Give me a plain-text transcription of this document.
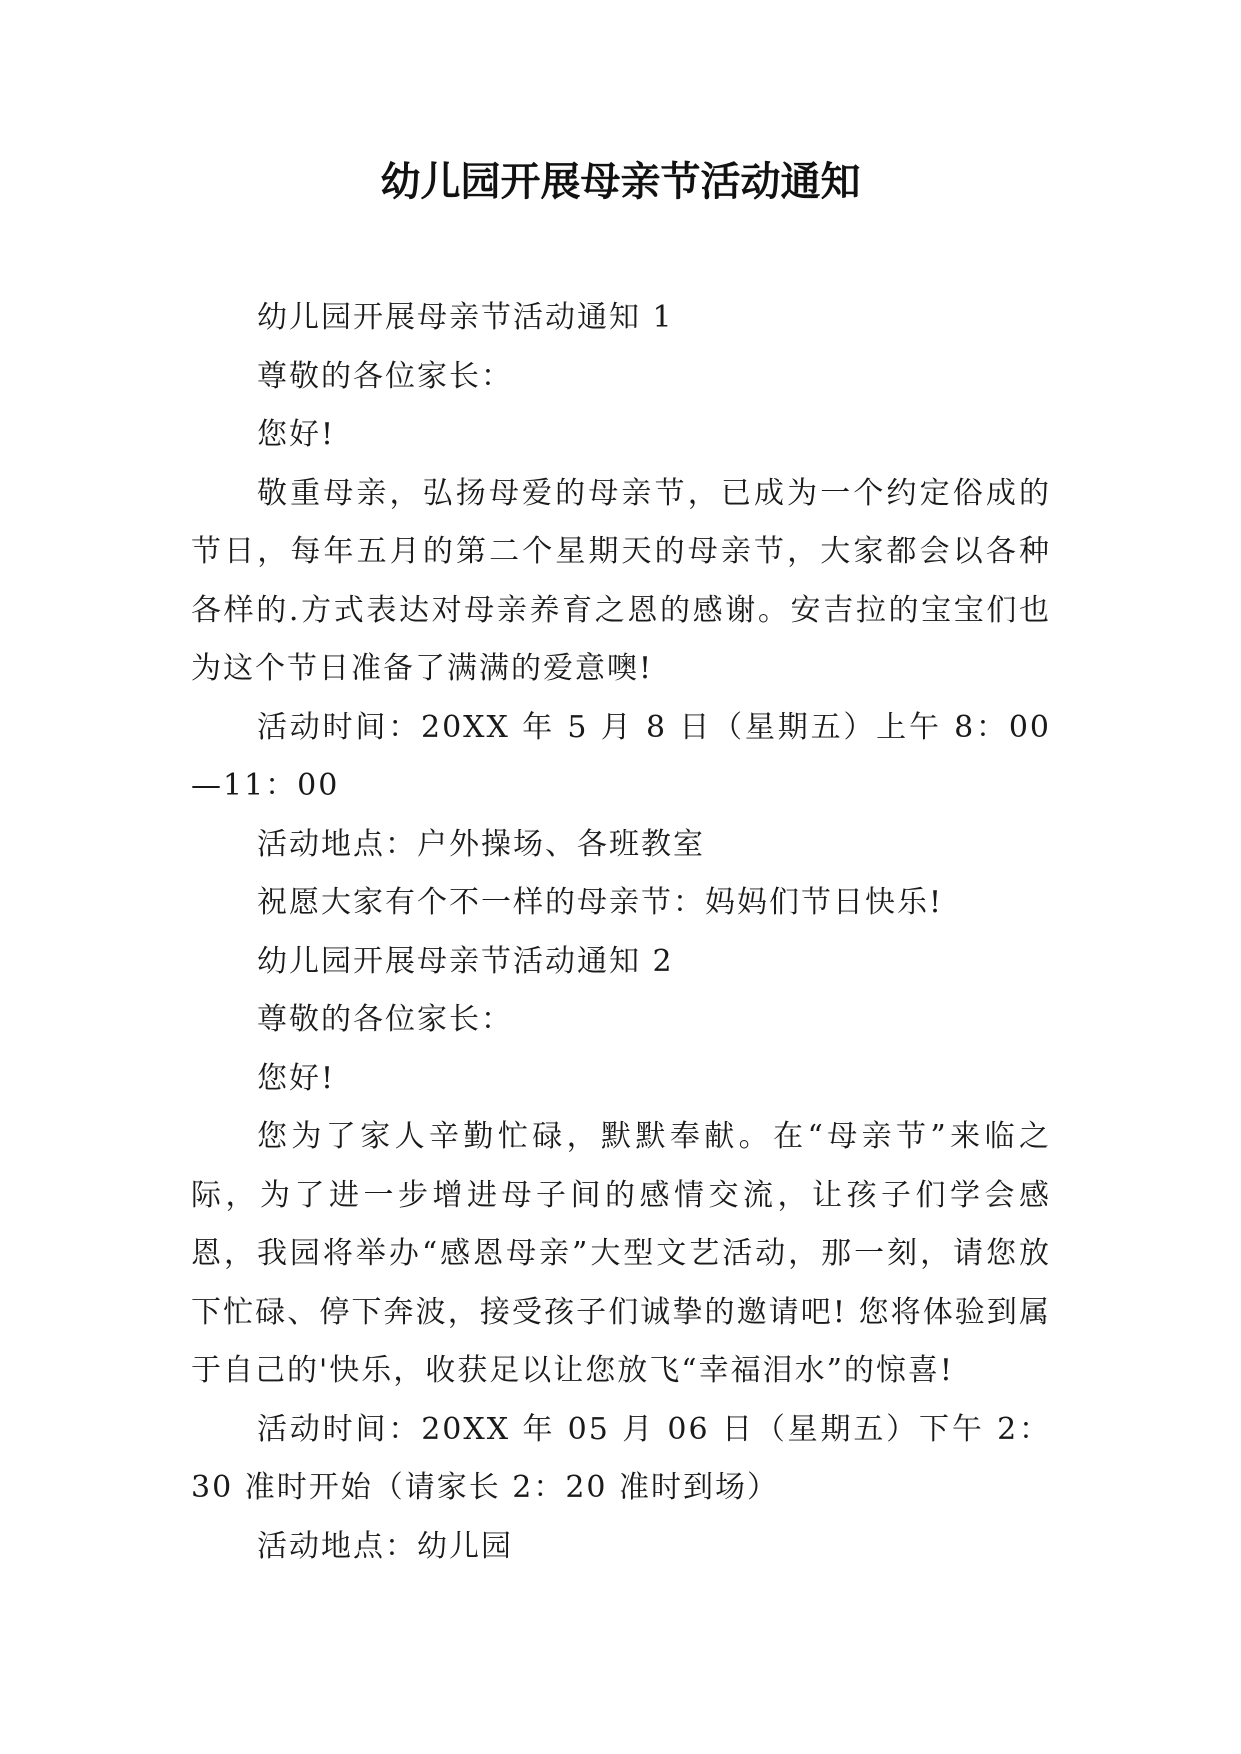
幼儿园开展母亲节活动通知

幼儿园开展母亲节活动通知 1

尊敬的各位家长：

您好!

敬重母亲，弘扬母爱的母亲节，已成为一个约定俗成的节日，每年五月的第二个星期天的母亲节，大家都会以各种各样的.方式表达对母亲养育之恩的感谢。安吉拉的宝宝们也为这个节日准备了满满的爱意噢!

活动时间：20XX 年 5 月 8 日（星期五）上午 8：00—11：00

活动地点：户外操场、各班教室

祝愿大家有个不一样的母亲节：妈妈们节日快乐!

幼儿园开展母亲节活动通知 2

尊敬的各位家长：

您好!

您为了家人辛勤忙碌，默默奉献。在“母亲节”来临之际，为了进一步增进母子间的感情交流，让孩子们学会感恩，我园将举办“感恩母亲”大型文艺活动，那一刻，请您放下忙碌、停下奔波，接受孩子们诚挚的邀请吧! 您将体验到属于自己的'快乐，收获足以让您放飞“幸福泪水”的惊喜!

活动时间：20XX 年 05 月 06 日（星期五）下午 2：30 准时开始（请家长 2：20 准时到场）

活动地点：幼儿园
